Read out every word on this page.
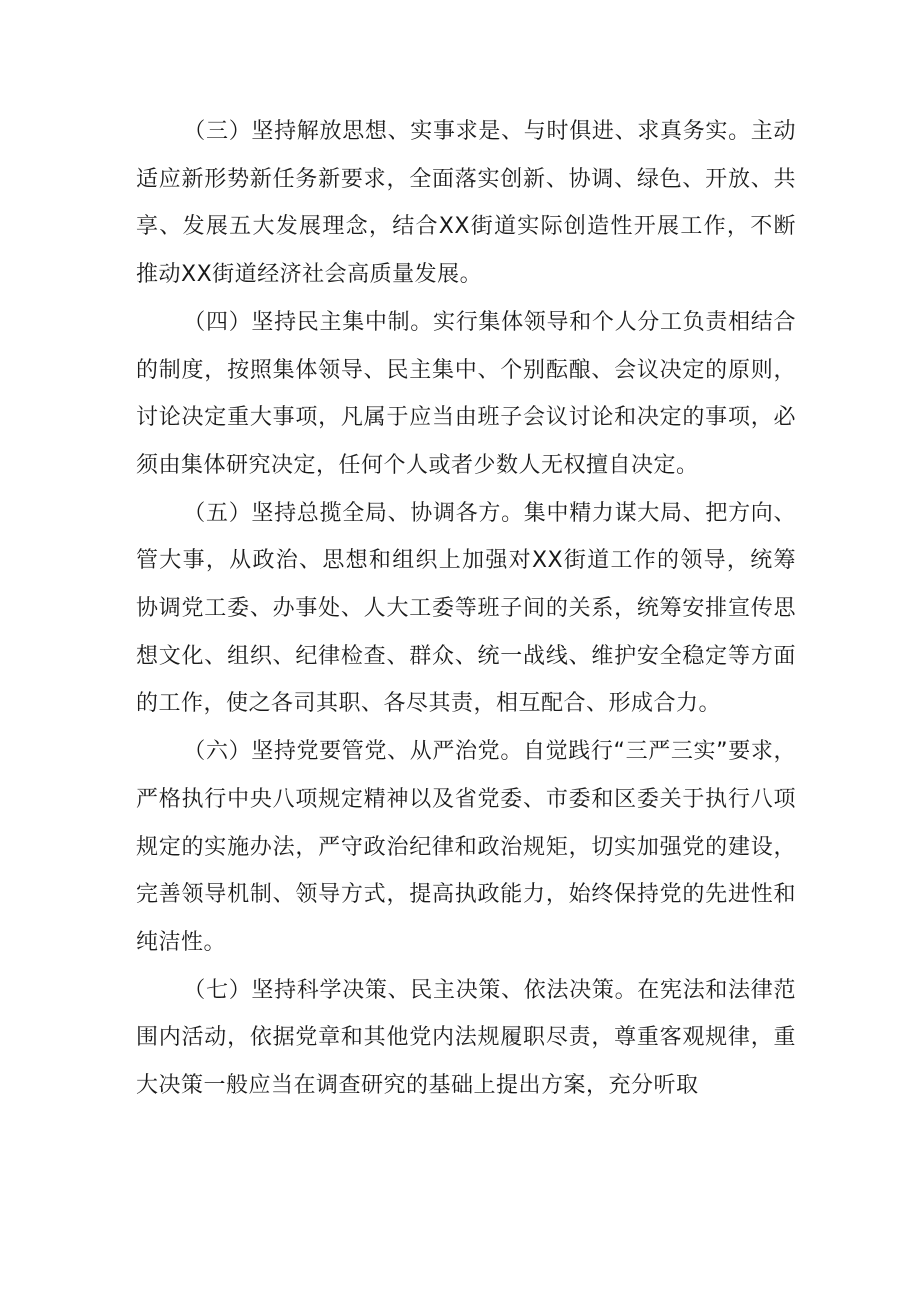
（三）坚持解放思想、实事求是、与时俱进、求真务实。主动适应新形势新任务新要求，全面落实创新、协调、绿色、开放、共享、发展五大发展理念，结合XX街道实际创造性开展工作，不断推动XX街道经济社会高质量发展。

（四）坚持民主集中制。实行集体领导和个人分工负责相结合的制度，按照集体领导、民主集中、个别酝酿、会议决定的原则，讨论决定重大事项，凡属于应当由班子会议讨论和决定的事项，必须由集体研究决定，任何个人或者少数人无权擅自决定。

（五）坚持总揽全局、协调各方。集中精力谋大局、把方向、管大事，从政治、思想和组织上加强对XX街道工作的领导，统筹协调党工委、办事处、人大工委等班子间的关系，统筹安排宣传思想文化、组织、纪律检查、群众、统一战线、维护安全稳定等方面的工作，使之各司其职、各尽其责，相互配合、形成合力。

（六）坚持党要管党、从严治党。自觉践行“三严三实”要求，严格执行中央八项规定精神以及省党委、市委和区委关于执行八项规定的实施办法，严守政治纪律和政治规矩，切实加强党的建设，完善领导机制、领导方式，提高执政能力，始终保持党的先进性和纯洁性。

（七）坚持科学决策、民主决策、依法决策。在宪法和法律范围内活动，依据党章和其他党内法规履职尽责，尊重客观规律，重大决策一般应当在调查研究的基础上提出方案，充分听取
